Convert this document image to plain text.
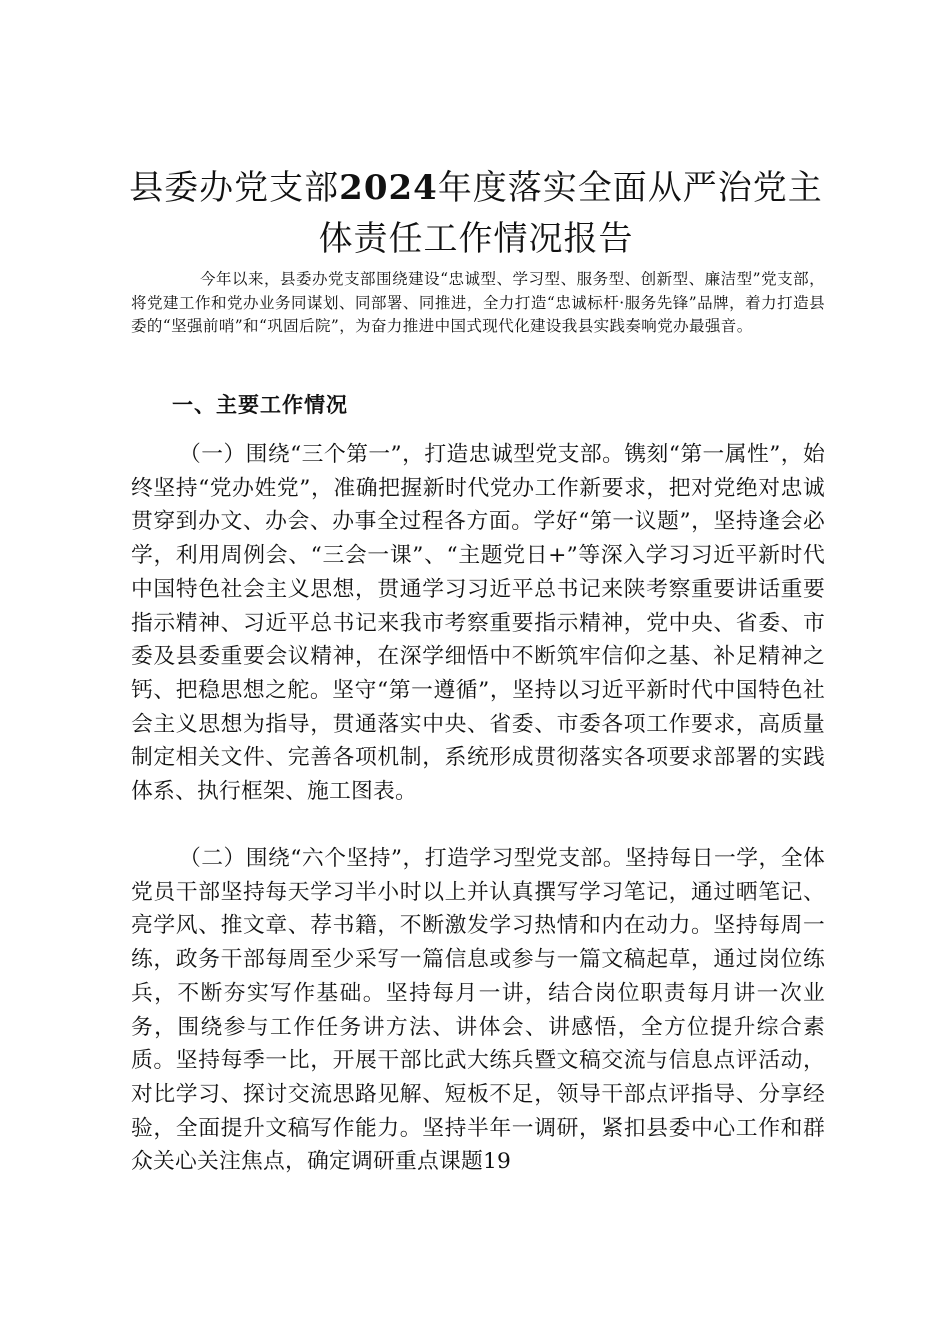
县委办党支部2024年度落实全面从严治党主体责任工作情况报告

今年以来，县委办党支部围绕建设“忠诚型、学习型、服务型、创新型、廉洁型”党支部，将党建工作和党办业务同谋划、同部署、同推进，全力打造“忠诚标杆·服务先锋”品牌，着力打造县委的“坚强前哨”和“巩固后院”，为奋力推进中国式现代化建设我县实践奏响党办最强音。

一、主要工作情况

（一）围绕“三个第一”，打造忠诚型党支部。镌刻“第一属性”，始终坚持“党办姓党”，准确把握新时代党办工作新要求，把对党绝对忠诚贯穿到办文、办会、办事全过程各方面。学好“第一议题”，坚持逢会必学，利用周例会、“三会一课”、“主题党日+”等深入学习习近平新时代中国特色社会主义思想，贯通学习习近平总书记来陕考察重要讲话重要指示精神、习近平总书记来我市考察重要指示精神，党中央、省委、市委及县委重要会议精神，在深学细悟中不断筑牢信仰之基、补足精神之钙、把稳思想之舵。坚守“第一遵循”，坚持以习近平新时代中国特色社会主义思想为指导，贯通落实中央、省委、市委各项工作要求，高质量制定相关文件、完善各项机制，系统形成贯彻落实各项要求部署的实践体系、执行框架、施工图表。

（二）围绕“六个坚持”，打造学习型党支部。坚持每日一学，全体党员干部坚持每天学习半小时以上并认真撰写学习笔记，通过晒笔记、亮学风、推文章、荐书籍，不断激发学习热情和内在动力。坚持每周一练，政务干部每周至少采写一篇信息或参与一篇文稿起草，通过岗位练兵，不断夯实写作基础。坚持每月一讲，结合岗位职责每月讲一次业务，围绕参与工作任务讲方法、讲体会、讲感悟，全方位提升综合素质。坚持每季一比，开展干部比武大练兵暨文稿交流与信息点评活动，对比学习、探讨交流思路见解、短板不足，领导干部点评指导、分享经验，全面提升文稿写作能力。坚持半年一调研，紧扣县委中心工作和群众关心关注焦点，确定调研重点课题19
